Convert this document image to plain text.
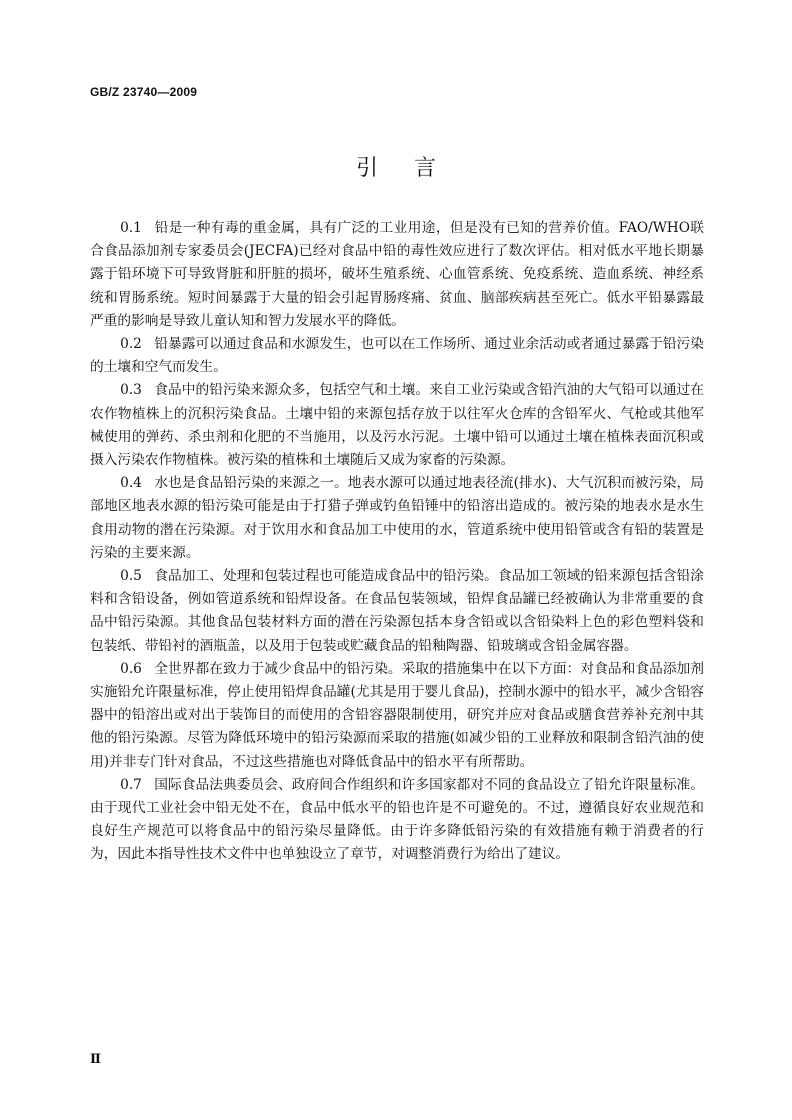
GB/Z 23740—2009
引言

0.1 铅是一种有毒的重金属，具有广泛的工业用途，但是没有已知的营养价值。FAO/WHO联合食品添加剂专家委员会(JECFA)已经对食品中铅的毒性效应进行了数次评估。相对低水平地长期暴露于铅环境下可导致肾脏和肝脏的损坏，破坏生殖系统、心血管系统、免疫系统、造血系统、神经系统和胃肠系统。短时间暴露于大量的铅会引起胃肠疼痛、贫血、脑部疾病甚至死亡。低水平铅暴露最严重的影响是导致儿童认知和智力发展水平的降低。

0.2 铅暴露可以通过食品和水源发生，也可以在工作场所、通过业余活动或者通过暴露于铅污染的土壤和空气而发生。

0.3 食品中的铅污染来源众多，包括空气和土壤。来自工业污染或含铅汽油的大气铅可以通过在农作物植株上的沉积污染食品。土壤中铅的来源包括存放于以往军火仓库的含铅军火、气枪或其他军械使用的弹药、杀虫剂和化肥的不当施用，以及污水污泥。土壤中铅可以通过土壤在植株表面沉积或摄入污染农作物植株。被污染的植株和土壤随后又成为家畜的污染源。

0.4 水也是食品铅污染的来源之一。地表水源可以通过地表径流(排水)、大气沉积而被污染，局部地区地表水源的铅污染可能是由于打猎子弹或钓鱼铅锤中的铅溶出造成的。被污染的地表水是水生食用动物的潜在污染源。对于饮用水和食品加工中使用的水，管道系统中使用铅管或含有铅的装置是污染的主要来源。

0.5 食品加工、处理和包装过程也可能造成食品中的铅污染。食品加工领域的铅来源包括含铅涂料和含铅设备，例如管道系统和铅焊设备。在食品包装领域，铅焊食品罐已经被确认为非常重要的食品中铅污染源。其他食品包装材料方面的潜在污染源包括本身含铅或以含铅染料上色的彩色塑料袋和包装纸、带铅衬的酒瓶盖，以及用于包装或贮藏食品的铅釉陶器、铅玻璃或含铅金属容器。

0.6 全世界都在致力于减少食品中的铅污染。采取的措施集中在以下方面：对食品和食品添加剂实施铅允许限量标准，停止使用铅焊食品罐(尤其是用于婴儿食品)，控制水源中的铅水平，减少含铅容器中的铅溶出或对出于装饰目的而使用的含铅容器限制使用，研究并应对食品或膳食营养补充剂中其他的铅污染源。尽管为降低环境中的铅污染源而采取的措施(如减少铅的工业释放和限制含铅汽油的使用)并非专门针对食品，不过这些措施也对降低食品中的铅水平有所帮助。

0.7 国际食品法典委员会、政府间合作组织和许多国家都对不同的食品设立了铅允许限量标准。由于现代工业社会中铅无处不在，食品中低水平的铅也许是不可避免的。不过，遵循良好农业规范和良好生产规范可以将食品中的铅污染尽量降低。由于许多降低铅污染的有效措施有赖于消费者的行为，因此本指导性技术文件中也单独设立了章节，对调整消费行为给出了建议。

Ⅱ
